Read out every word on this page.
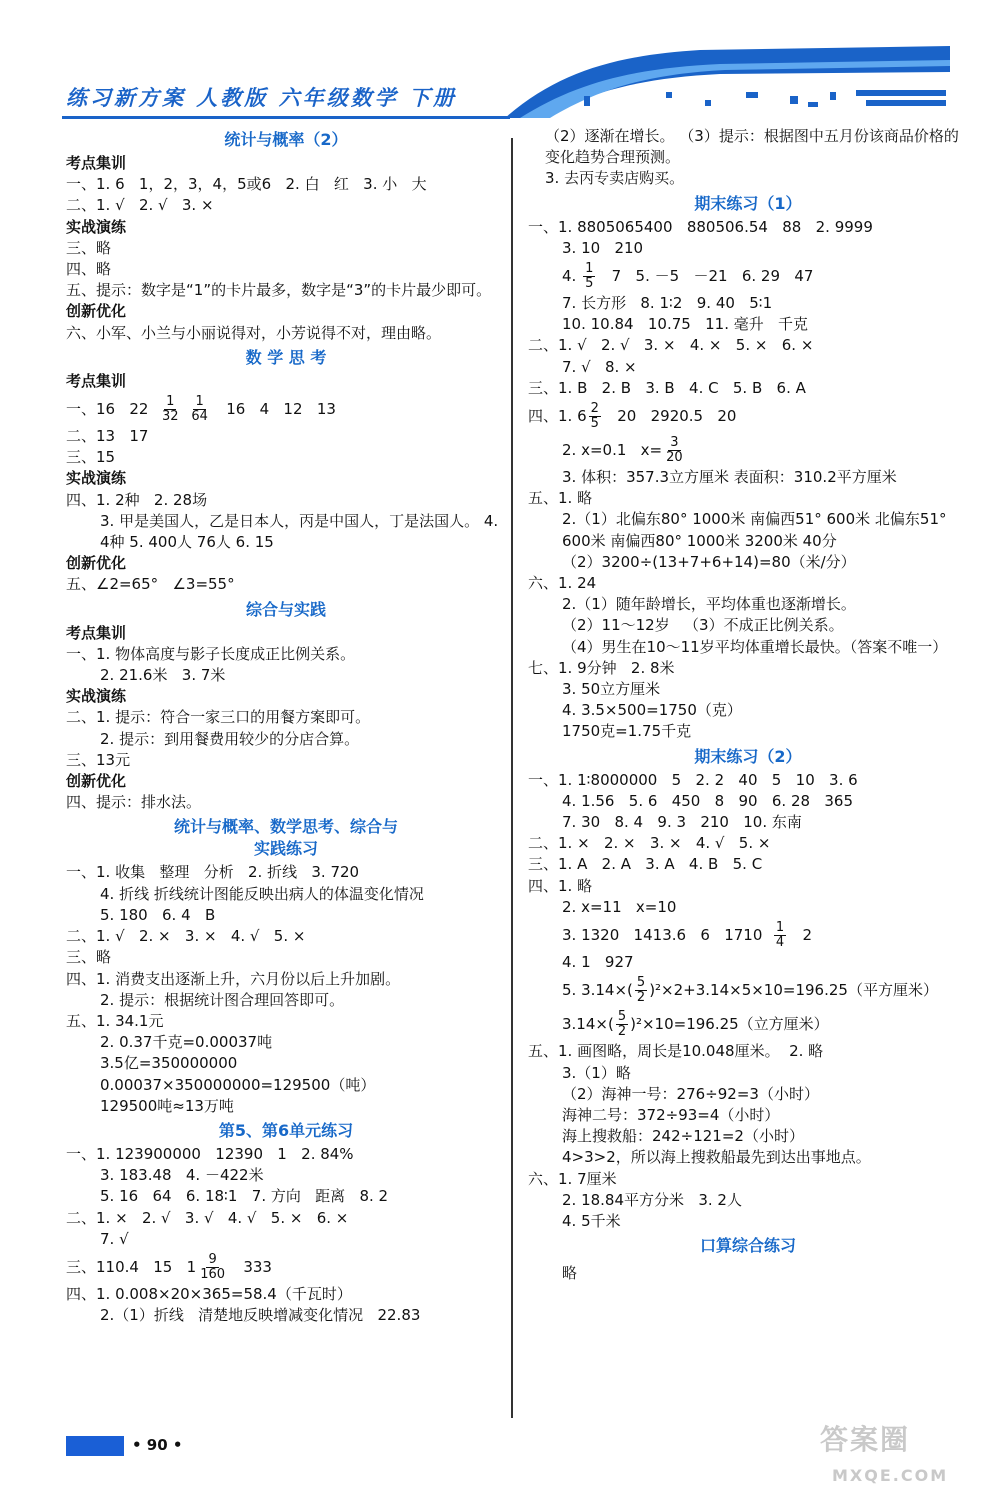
练习新方案 人教版 六年级数学 下册
统计与概率（2）
考点集训
一、1. 6   1，2，3，4，5或6   2. 白   红   3. 小   大
二、1. √   2. √   3. ×
实战演练
三、略
四、略
五、提示：数字是“1”的卡片最多，数字是“3”的卡片最少即可。
创新优化
六、小军、小兰与小丽说得对，小芳说得不对，理由略。
数 学 思 考
考点集训
一、16   $22 \frac{1}{32}$
$\frac{1}{64} 16$   4   12   13
二、13   17
三、15
实战演练
四、1. 2种   2. 28场
3. 甲是美国人，乙是日本人，丙是中国人，丁是法国人。 4. 4种 5. 400人 76人 6. 15
创新优化
五、∠2=65°   ∠3=55°
综合与实践
考点集训
一、1. 物体高度与影子长度成正比例关系。
2. 21.6米   3. 7米
实战演练
二、1. 提示：符合一家三口的用餐方案即可。
2. 提示：到用餐费用较少的分店合算。
三、13元
创新优化
四、提示：排水法。
统计与概率、数学思考、综合与
实践练习
一、1. 收集   整理   分析   2. 折线   3. 720
4. 折线 折线统计图能反映出病人的体温变化情况
5. 180   6. 4   B
二、1. √   2. ×   3. ×   4. √   5. ×
三、略
四、1. 消费支出逐渐上升，六月份以后上升加剧。
2. 提示：根据统计图合理回答即可。
五、1. 34.1元
2. 0.37千克=0.00037吨
3.5亿=350000000
0.00037×350000000=129500（吨）
129500吨≈13万吨
第5、第6单元练习
一、1. 123900000   12390   1   2. 84%
3. 183.48   4. －422米
5. 16   64   6. 18∶1   7. 方向   距离   8. 2
二、1. ×   2. √   3. √   4. √   5. ×   6. ×
7. √
三、110.4   15   $1 \frac{9}{160} 333$
四、1. 0.008×20×365=58.4（千瓦时）
2.（1）折线   清楚地反映增减变化情况   22.83
（2）逐渐在增长。 （3）提示：根据图中五月份该商品价格的变化趋势合理预测。
3. 去丙专卖店购买。
期末练习（1）
一、1. 8805065400   880506.54   88   2. 9999
3. 10   210
4. $\frac{1}{5} 7$   5. －5   －21   6. 29   47
7. 长方形   8. 1∶2   9. 40   5∶1
10. 10.84   10.75   11. 毫升   千克
二、1. √   2. √   3. ×   4. ×   5. ×   6. ×
7. √   8. ×
三、1. B   2. B   3. B   4. C   5. B   6. A
四、1. $6 \frac{2}{5} 20$   2920.5   20
2. x=0.1   $x= \frac{3}{20}$
3. 体积：357.3立方厘米 表面积：310.2平方厘米
五、1. 略
2.（1）北偏东80° 1000米 南偏西51° 600米 北偏东51° 600米 南偏西80° 1000米 3200米 40分
（2）3200÷(13+7+6+14)=80（米/分）
六、1. 24
2.（1）随年龄增长，平均体重也逐渐增长。
（2）11～12岁   （3）不成正比例关系。
（4）男生在10～11岁平均体重增长最快。（答案不唯一）
七、1. 9分钟   2. 8米
3. 50立方厘米
4. 3.5×500=1750（克）
1750克=1.75千克
期末练习（2）
一、1. 1∶8000000   5   2. 2   40   5   10   3. 6
4. 1.56   5. 6   450   8   90   6. 28   365
7. 30   8. 4   9. 3   210   10. 东南
二、1. ×   2. ×   3. ×   4. √   5. ×
三、1. A   2. A   3. A   4. B   5. C
四、1. 略
2. x=11   x=10
3. 1320   1413.6   6   $1710 \frac{1}{4} 2$
4. 1   927
5. $3.14\times( \frac{5}{2} )^2\times 2+3.14\times 5\times 10=196.25$（平方厘米）
$3.14\times( \frac{5}{2} )^2\times 10=196.25$（立方厘米）
五、1. 画图略，周长是10.048厘米。  2. 略
3.（1）略
（2）海神一号：276÷92=3（小时）
海神二号：372÷93=4（小时）
海上搜救船：242÷121=2（小时）
4>3>2，所以海上搜救船最先到达出事地点。
六、1. 7厘米
2. 18.84平方分米   3. 2人
4. 5千米
口算综合练习
略
• 90 •	答案圈
MXQE.COM
